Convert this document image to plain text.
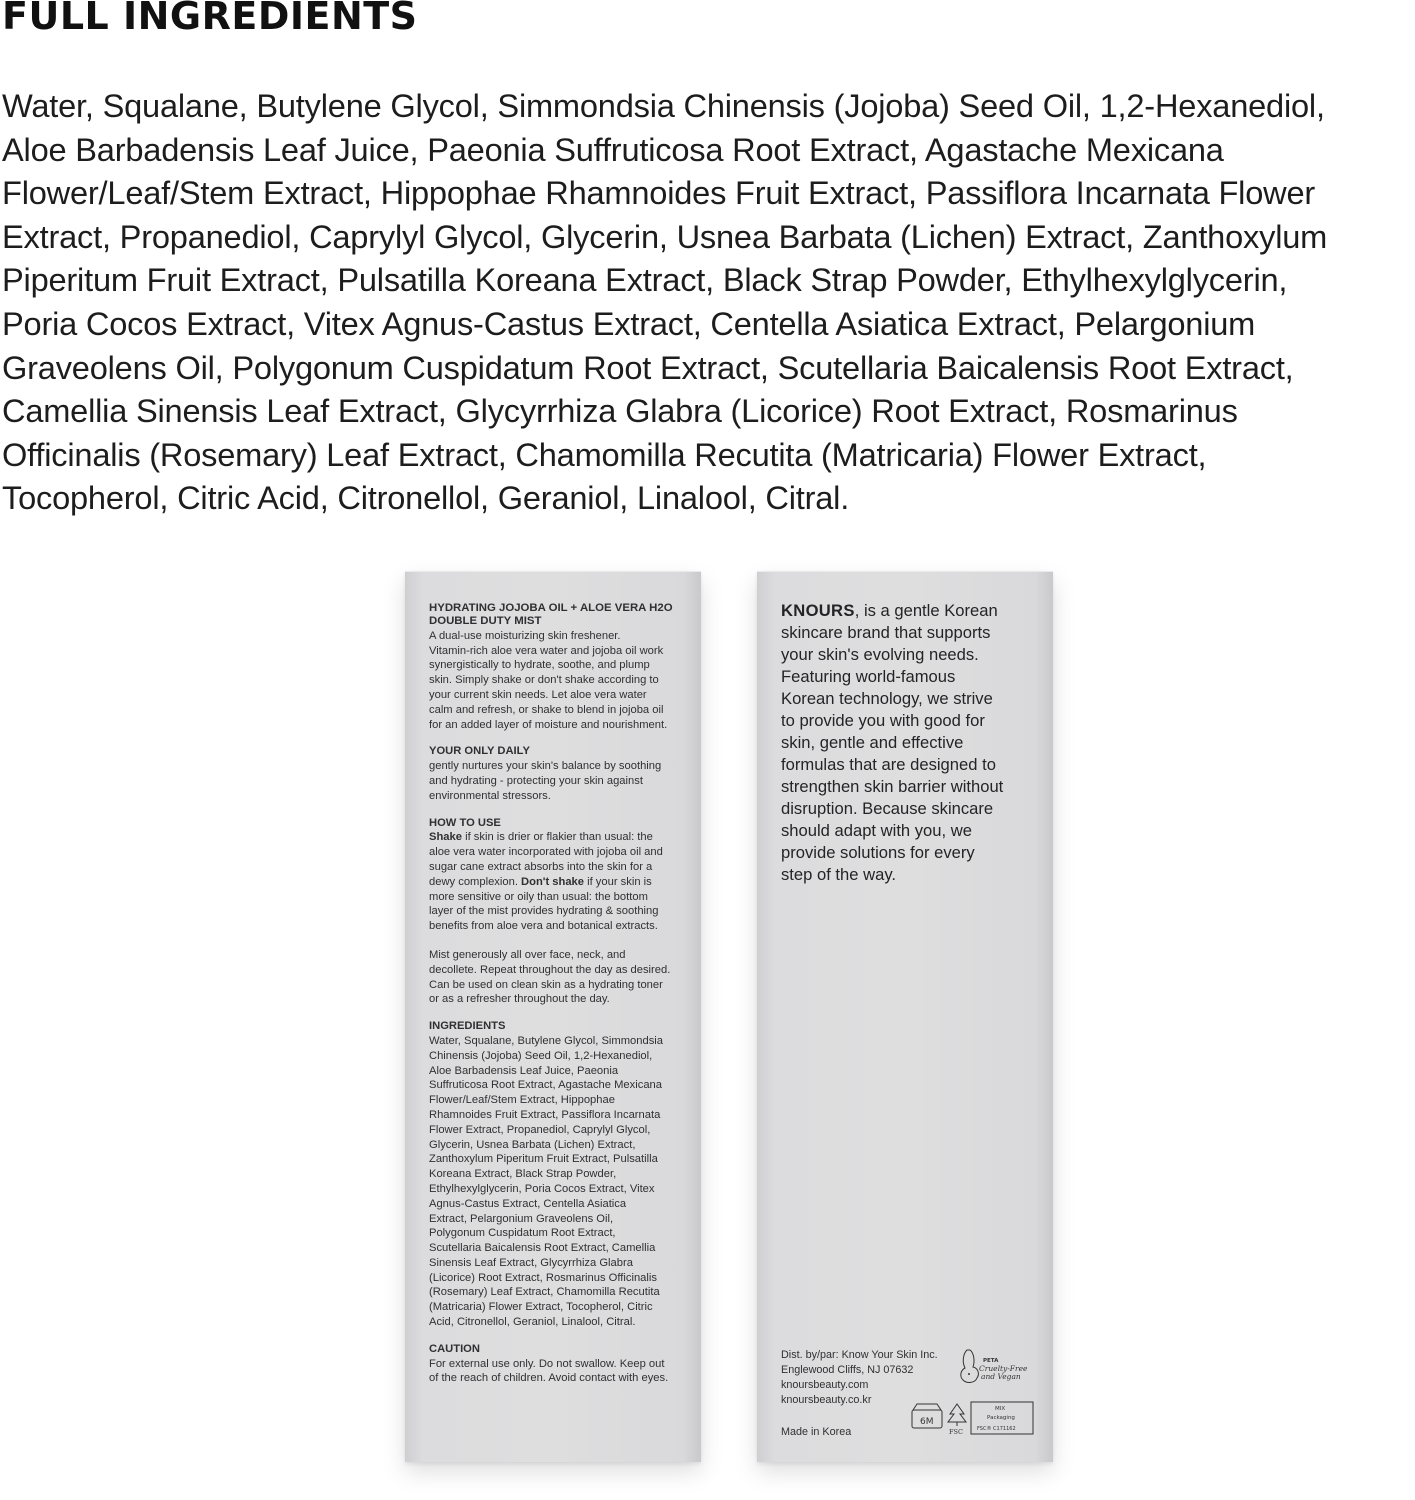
FULL INGREDIENTS
Water, Squalane, Butylene Glycol, Simmondsia Chinensis (Jojoba) Seed Oil, 1,2-Hexanediol,
Aloe Barbadensis Leaf Juice, Paeonia Suffruticosa Root Extract, Agastache Mexicana
Flower/Leaf/Stem Extract, Hippophae Rhamnoides Fruit Extract, Passiflora Incarnata Flower
Extract, Propanediol, Caprylyl Glycol, Glycerin, Usnea Barbata (Lichen) Extract, Zanthoxylum
Piperitum Fruit Extract, Pulsatilla Koreana Extract, Black Strap Powder, Ethylhexylglycerin,
Poria Cocos Extract, Vitex Agnus-Castus Extract, Centella Asiatica Extract, Pelargonium
Graveolens Oil, Polygonum Cuspidatum Root Extract, Scutellaria Baicalensis Root Extract,
Camellia Sinensis Leaf Extract, Glycyrrhiza Glabra (Licorice) Root Extract, Rosmarinus
Officinalis (Rosemary) Leaf Extract, Chamomilla Recutita (Matricaria) Flower Extract,
Tocopherol, Citric Acid, Citronellol, Geraniol, Linalool, Citral.

HYDRATING JOJOBA OIL + ALOE VERA H2O

DOUBLE DUTY MIST

A dual-use moisturizing skin freshener.

Vitamin-rich aloe vera water and jojoba oil work

synergistically to hydrate, soothe, and plump

skin. Simply shake or don't shake according to

your current skin needs. Let aloe vera water

calm and refresh, or shake to blend in jojoba oil

for an added layer of moisture and nourishment.

YOUR ONLY DAILY

gently nurtures your skin's balance by soothing

and hydrating - protecting your skin against

environmental stressors.

HOW TO USE

Shake if skin is drier or flakier than usual: the

aloe vera water incorporated with jojoba oil and

sugar cane extract absorbs into the skin for a

dewy complexion. Don't shake if your skin is

more sensitive or oily than usual: the bottom

layer of the mist provides hydrating & soothing

benefits from aloe vera and botanical extracts.

Mist generously all over face, neck, and

decollete. Repeat throughout the day as desired.

Can be used on clean skin as a hydrating toner

or as a refresher throughout the day.

INGREDIENTS

Water, Squalane, Butylene Glycol, Simmondsia

Chinensis (Jojoba) Seed Oil, 1,2-Hexanediol,

Aloe Barbadensis Leaf Juice, Paeonia

Suffruticosa Root Extract, Agastache Mexicana

Flower/Leaf/Stem Extract, Hippophae

Rhamnoides Fruit Extract, Passiflora Incarnata

Flower Extract, Propanediol, Caprylyl Glycol,

Glycerin, Usnea Barbata (Lichen) Extract,

Zanthoxylum Piperitum Fruit Extract, Pulsatilla

Koreana Extract, Black Strap Powder,

Ethylhexylglycerin, Poria Cocos Extract, Vitex

Agnus-Castus Extract, Centella Asiatica

Extract, Pelargonium Graveolens Oil,

Polygonum Cuspidatum Root Extract,

Scutellaria Baicalensis Root Extract, Camellia

Sinensis Leaf Extract, Glycyrrhiza Glabra

(Licorice) Root Extract, Rosmarinus Officinalis

(Rosemary) Leaf Extract, Chamomilla Recutita

(Matricaria) Flower Extract, Tocopherol, Citric

Acid, Citronellol, Geraniol, Linalool, Citral.

CAUTION

For external use only. Do not swallow. Keep out

of the reach of children. Avoid contact with eyes.

KNOURS, is a gentle Korean
skincare brand that supports
your skin's evolving needs.
Featuring world-famous
Korean technology, we strive
to provide you with good for
skin, gentle and effective
formulas that are designed to
strengthen skin barrier without
disruption. Because skincare
should adapt with you, we
provide solutions for every
step of the way.

Dist. by/par: Know Your Skin Inc.

Englewood Cliffs, NJ 07632

knoursbeauty.com

knoursbeauty.co.kr

Made in Korea

PETA
Cruelty-Free
and Vegan
6M
FSC
MIX
Packaging
FSC® C171162
